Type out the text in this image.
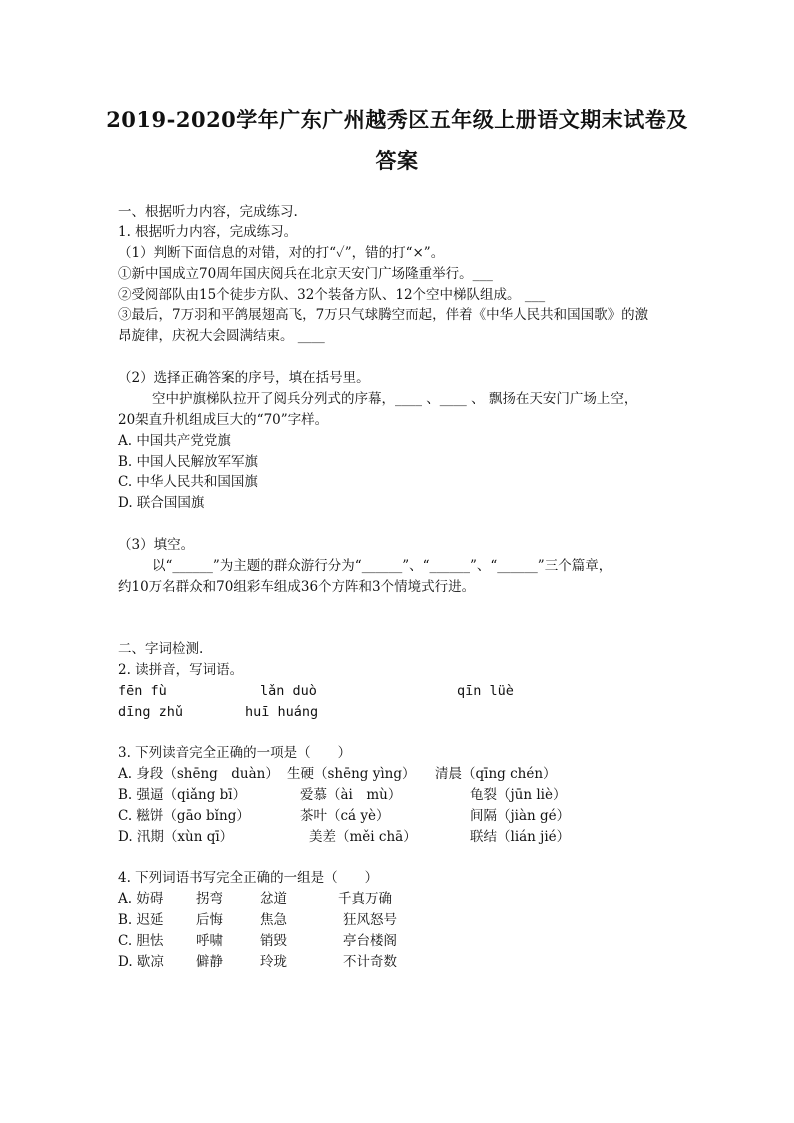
2019-2020学年广东广州越秀区五年级上册语文期末试卷及
答案
一、根据听力内容，完成练习.
1. 根据听力内容，完成练习。
（1）判断下面信息的对错，对的打“✓”，错的打“×”。
①新中国成立70周年国庆阅兵在北京天安门广场隆重举行。___
②受阅部队由15个徒步方队、32个装备方队、12个空中梯队组成。 ___
③最后，7万羽和平鸽展翅高飞，7万只气球腾空而起，伴着《中华人民共和国国歌》的激
昂旋律，庆祝大会圆满结束。 ____
（2）选择正确答案的序号，填在括号里。
空中护旗梯队拉开了阅兵分列式的序幕，____ 、____ 、 飘扬在天安门广场上空，
20架直升机组成巨大的“70”字样。
A. 中国共产党党旗
B. 中国人民解放军军旗
C. 中华人民共和国国旗
D. 联合国国旗
（3）填空。
以“______”为主题的群众游行分为“______”、“______”、“______”三个篇章，
约10万名群众和70组彩车组成36个方阵和3个情境式行进。
二、字词检测.
2. 读拼音，写词语。
fēn fù	lǎn duò	qīn lüè
dīng zhǔ	huī huáng
3. 下列读音完全正确的一项是（　　）
A. 身段（shēng　duàn） 生硬（shēng yìng） 清晨（qīng chén）
B. 强逼（qiǎng bī）	爱慕（ài　mù）	龟裂（jūn liè）
C. 糍饼（gāo bǐng）	茶叶（cá yè）	间隔（jiàn gé）
D. 汛期（xùn qī）	美差（měi chā）	联结（lián jié）
4. 下列词语书写完全正确的一组是（　　）
A. 妨碍 拐弯	忿道	千真万确
B. 迟延 后悔	焦急	狂风怒号
C. 胆怯 呼啸	销毁	亭台楼阁
D. 歇凉 僻静	玲珑	不计奇数
